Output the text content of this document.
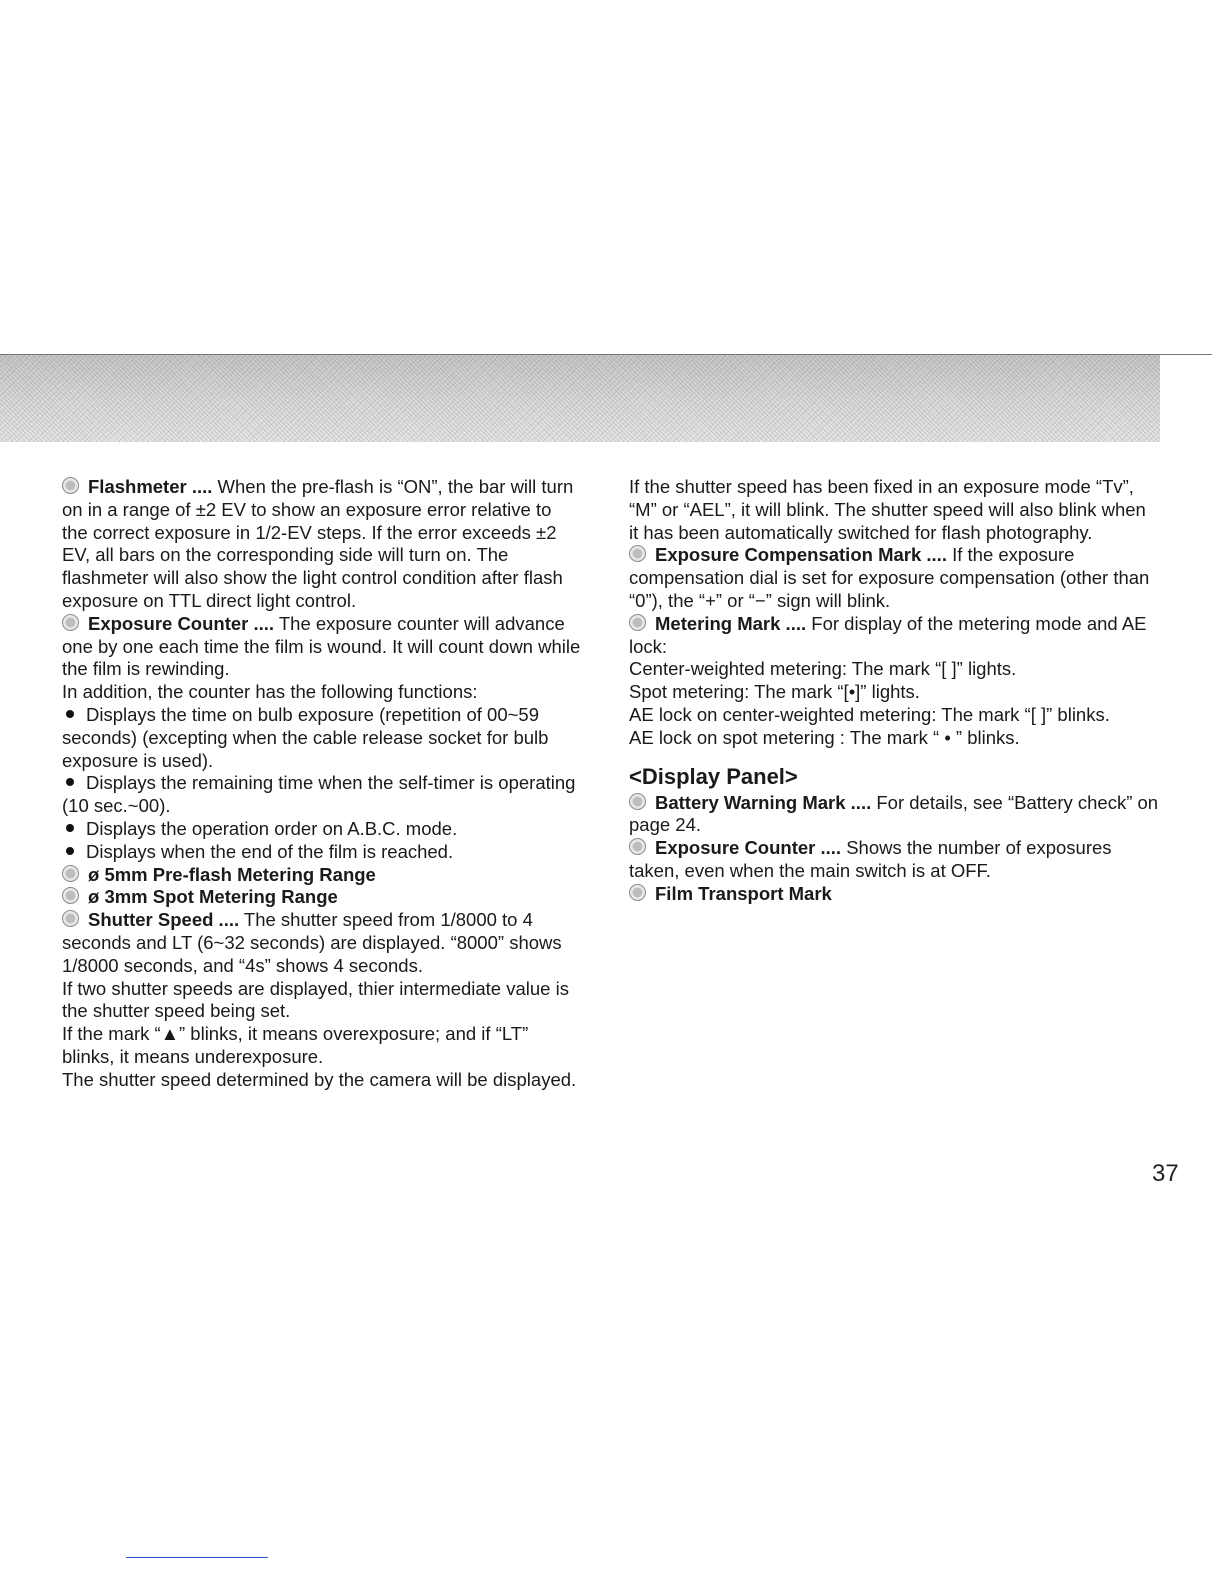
Flashmeter .... When the pre-flash is “ON”, the bar will turn on in a range of ±2 EV to show an exposure error relative to the correct exposure in 1/2-EV steps. If the error exceeds ±2 EV, all bars on the corresponding side will turn on. The flashmeter will also show the light control condition after flash exposure on TTL direct light control.

Exposure Counter .... The exposure counter will advance one by one each time the film is wound. It will count down while the film is rewinding.

In addition, the counter has the following functions:

Displays the time on bulb exposure (repetition of 00~59 seconds) (excepting when the cable release socket for bulb exposure is used).

Displays the remaining time when the self-timer is operating (10 sec.~00).

Displays the operation order on A.B.C. mode.

Displays when the end of the film is reached.

ø 5mm Pre-flash Metering Range

ø 3mm Spot Metering Range

Shutter Speed .... The shutter speed from 1/8000 to 4 seconds and LT (6~32 seconds) are displayed. “8000” shows 1/8000 seconds, and “4s” shows 4 seconds.

If two shutter speeds are displayed, thier intermediate value is the shutter speed being set.

If the mark “▲” blinks, it means overexposure; and if “LT” blinks, it means underexposure.

The shutter speed determined by the camera will be displayed.

If the shutter speed has been fixed in an exposure mode “Tv”, “M” or “AEL”, it will blink. The shutter speed will also blink when it has been automatically switched for flash photography.

Exposure Compensation Mark .... If the exposure compensation dial is set for exposure compensation (other than “0”), the “+” or “−” sign will blink.

Metering Mark .... For display of the metering mode and AE lock:

Center-weighted metering: The mark “[ ]” lights.

Spot metering: The mark “[•]” lights.

AE lock on center-weighted metering: The mark “[ ]” blinks.

AE lock on spot metering : The mark “ • ” blinks.

<Display Panel>

Battery Warning Mark .... For details, see “Battery check” on page 24.

Exposure Counter .... Shows the number of exposures taken, even when the main switch is at OFF.

Film Transport Mark

37
